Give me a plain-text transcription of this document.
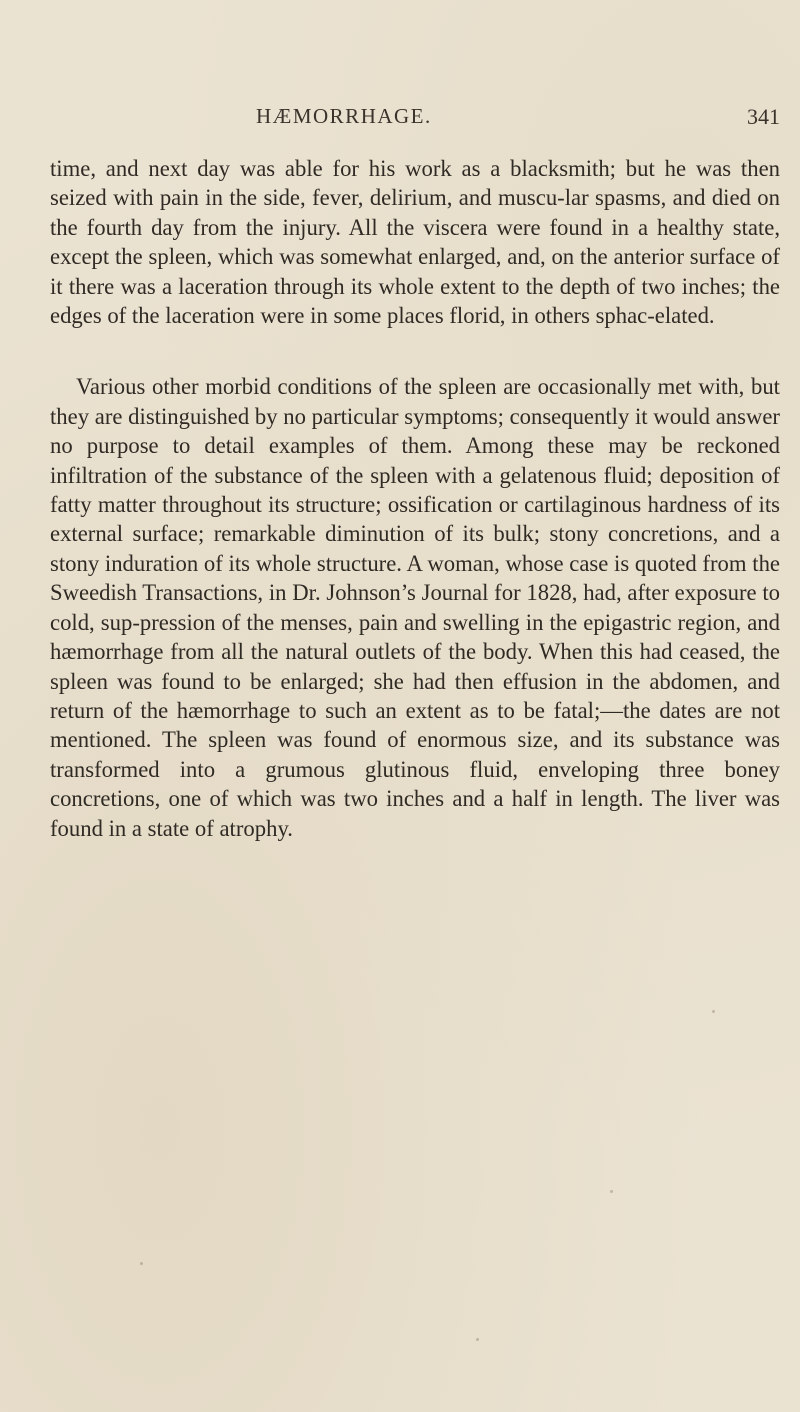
HÆMORRHAGE.	341

time, and next day was able for his work as a blacksmith; but he was then seized with pain in the side, fever, delirium, and muscu-lar spasms, and died on the fourth day from the injury. All the viscera were found in a healthy state, except the spleen, which was somewhat enlarged, and, on the anterior surface of it there was a laceration through its whole extent to the depth of two inches; the edges of the laceration were in some places florid, in others sphac-elated.

Various other morbid conditions of the spleen are occasionally met with, but they are distinguished by no particular symptoms; consequently it would answer no purpose to detail examples of them. Among these may be reckoned infiltration of the substance of the spleen with a gelatenous fluid; deposition of fatty matter throughout its structure; ossification or cartilaginous hardness of its external surface; remarkable diminution of its bulk; stony concretions, and a stony induration of its whole structure. A woman, whose case is quoted from the Sweedish Transactions, in Dr. Johnson’s Journal for 1828, had, after exposure to cold, sup-pression of the menses, pain and swelling in the epigastric region, and hæmorrhage from all the natural outlets of the body. When this had ceased, the spleen was found to be enlarged; she had then effusion in the abdomen, and return of the hæmorrhage to such an extent as to be fatal;—the dates are not mentioned. The spleen was found of enormous size, and its substance was transformed into a grumous glutinous fluid, enveloping three boney concretions, one of which was two inches and a half in length. The liver was found in a state of atrophy.
